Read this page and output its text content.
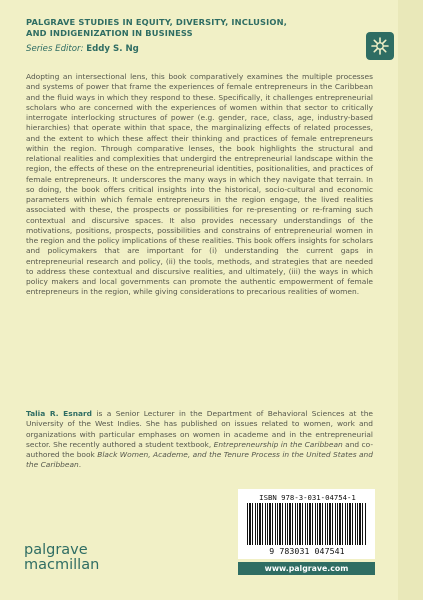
PALGRAVE STUDIES IN EQUITY, DIVERSITY, INCLUSION,
AND INDIGENIZATION IN BUSINESS
Series Editor: Eddy S. Ng

Adopting an intersectional lens, this book comparatively examines the multiple processes and systems of power that frame the experiences of female entrepreneurs in the Caribbean and the fluid ways in which they respond to these. Specifically, it challenges entrepreneurial scholars who are concerned with the experiences of women within that sector to critically interrogate interlocking structures of power (e.g. gender, race, class, age, industry-based hierarchies) that operate within that space, the marginalizing effects of related processes, and the extent to which these affect their thinking and practices of female entrepreneurs within the region. Through comparative lenses, the book highlights the structural and relational realities and complexities that undergird the entrepreneurial landscape within the region, the effects of these on the entrepreneurial identities, positionalities, and practices of female entrepreneurs. It underscores the many ways in which they navigate that terrain. In so doing, the book offers critical insights into the historical, socio-cultural and economic parameters within which female entrepreneurs in the region engage, the lived realities associated with these, the prospects or possibilities for re-presenting or re-framing such contextual and discursive spaces. It also provides necessary understandings of the motivations, positions, prospects, possibilities and constrains of entrepreneurial women in the region and the policy implications of these realities. This book offers insights for scholars and policymakers that are important for (i) understanding the current gaps in entrepreneurial research and policy, (ii) the tools, methods, and strategies that are needed to address these contextual and discursive realities, and ultimately, (iii) the ways in which policy makers and local governments can promote the authentic empowerment of female entrepreneurs in the region, while giving considerations to precarious realities of women.

Talia R. Esnard is a Senior Lecturer in the Department of Behavioral Sciences at the University of the West Indies. She has published on issues related to women, work and organizations with particular emphases on women in academe and in the entrepreneurial sector. She recently authored a student textbook, Entrepreneurship in the Caribbean and co-authored the book Black Women, Academe, and the Tenure Process in the United States and the Caribbean.

ISBN 978-3-031-04754-1
9 783031 047541
www.palgrave.com
palgrave
macmillan
